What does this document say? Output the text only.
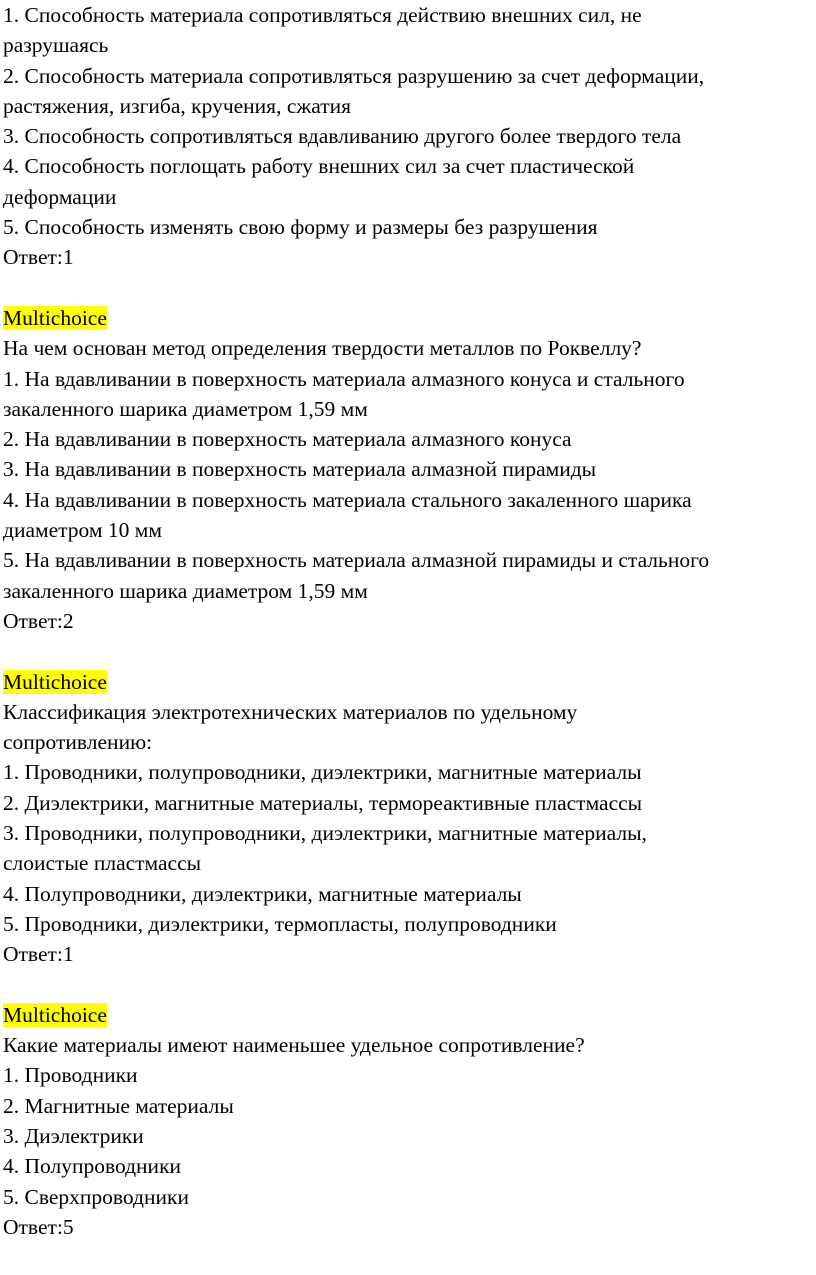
1. Способность материала сопротивляться действию внешних сил, не
разрушаясь
2. Способность материала сопротивляться разрушению за счет деформации,
растяжения, изгиба, кручения, сжатия
3. Способность сопротивляться вдавливанию другого более твердого тела
4. Способность поглощать работу внешних сил за счет пластической
деформации
5. Способность изменять свою форму и размеры без разрушения
Ответ:1
Multichoice
На чем основан метод определения твердости металлов по Роквеллу?
1. На вдавливании в поверхность материала алмазного конуса и стального
закаленного шарика диаметром 1,59 мм
2. На вдавливании в поверхность материала алмазного конуса
3. На вдавливании в поверхность материала алмазной пирамиды
4. На вдавливании в поверхность материала стального закаленного шарика
диаметром 10 мм
5. На вдавливании в поверхность материала алмазной пирамиды и стального
закаленного шарика диаметром 1,59 мм
Ответ:2
Multichoice
Классификация электротехнических материалов по удельному
сопротивлению:
1. Проводники, полупроводники, диэлектрики, магнитные материалы
2. Диэлектрики, магнитные материалы, термореактивные пластмассы
3. Проводники, полупроводники, диэлектрики, магнитные материалы,
слоистые пластмассы
4. Полупроводники, диэлектрики, магнитные материалы
5. Проводники, диэлектрики, термопласты, полупроводники
Ответ:1
Multichoice
Какие материалы имеют наименьшее удельное сопротивление?
1. Проводники
2. Магнитные материалы
3. Диэлектрики
4. Полупроводники
5. Сверхпроводники
Ответ:5
